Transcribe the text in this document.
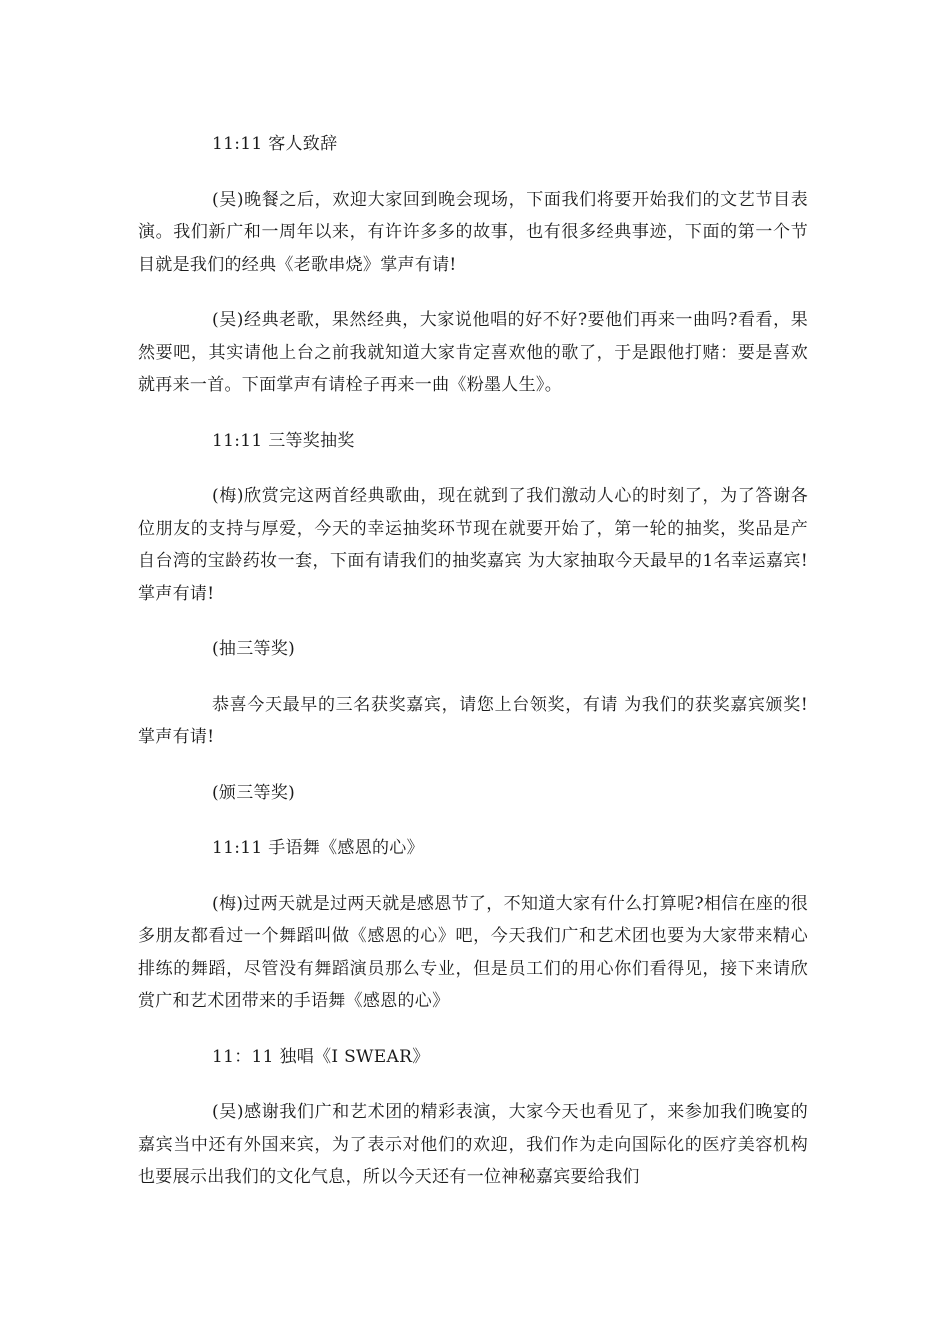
11:11 客人致辞

(吴)晚餐之后，欢迎大家回到晚会现场，下面我们将要开始我们的文艺节目表演。我们新广和一周年以来，有许许多多的故事，也有很多经典事迹，下面的第一个节目就是我们的经典《老歌串烧》掌声有请!

(吴)经典老歌，果然经典，大家说他唱的好不好?要他们再来一曲吗?看看，果然要吧，其实请他上台之前我就知道大家肯定喜欢他的歌了，于是跟他打赌：要是喜欢就再来一首。下面掌声有请栓子再来一曲《粉墨人生》。

11:11 三等奖抽奖

(梅)欣赏完这两首经典歌曲，现在就到了我们激动人心的时刻了，为了答谢各位朋友的支持与厚爱，今天的幸运抽奖环节现在就要开始了，第一轮的抽奖，奖品是产自台湾的宝龄药妆一套，下面有请我们的抽奖嘉宾 为大家抽取今天最早的1名幸运嘉宾!掌声有请!

(抽三等奖)

恭喜今天最早的三名获奖嘉宾，请您上台领奖，有请 为我们的获奖嘉宾颁奖!掌声有请!

(颁三等奖)

11:11 手语舞《感恩的心》

(梅)过两天就是过两天就是感恩节了，不知道大家有什么打算呢?相信在座的很多朋友都看过一个舞蹈叫做《感恩的心》吧，今天我们广和艺术团也要为大家带来精心排练的舞蹈，尽管没有舞蹈演员那么专业，但是员工们的用心你们看得见，接下来请欣赏广和艺术团带来的手语舞《感恩的心》

11：11 独唱《I SWEAR》

(吴)感谢我们广和艺术团的精彩表演，大家今天也看见了，来参加我们晚宴的嘉宾当中还有外国来宾，为了表示对他们的欢迎，我们作为走向国际化的医疗美容机构也要展示出我们的文化气息，所以今天还有一位神秘嘉宾要给我们
